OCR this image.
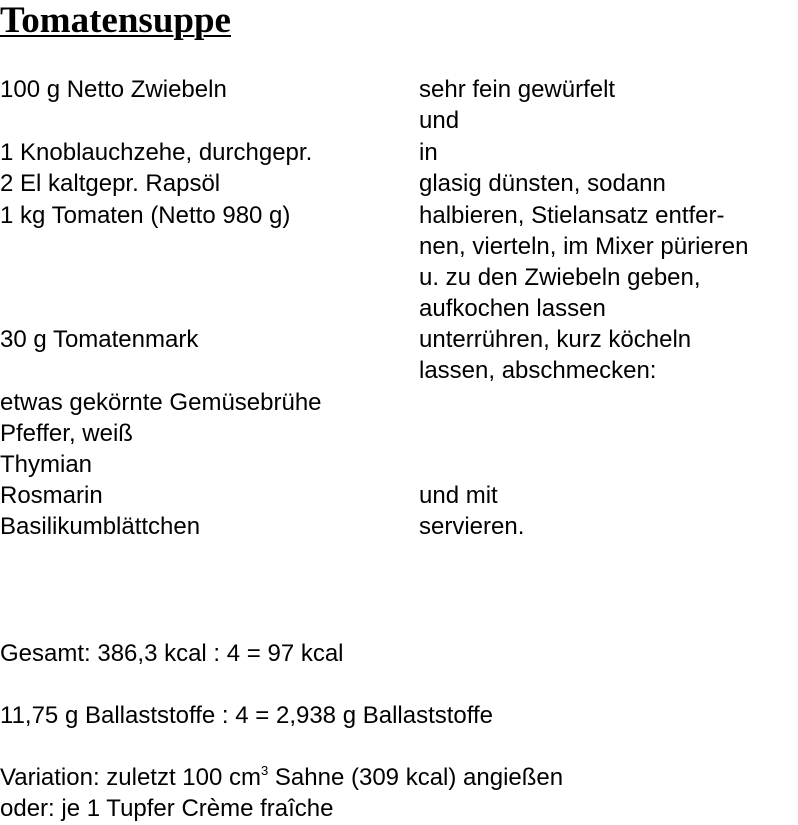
Tomatensuppe
100 g Netto Zwiebeln
1 Knoblauchzehe, durchgepr.
2 El kaltgepr. Rapsöl
1 kg Tomaten (Netto 980 g)
30 g Tomatenmark
etwas gekörnte Gemüsebrühe
Pfeffer, weiß
Thymian
Rosmarin
Basilikumblättchen
sehr fein gewürfelt
und
in
glasig dünsten, sodann
halbieren, Stielansatz entfer-
nen, vierteln, im Mixer pürieren
u. zu den Zwiebeln geben,
aufkochen lassen
unterrühren, kurz köcheln
lassen, abschmecken:
und mit
servieren.
Gesamt: 386,3 kcal : 4 = 97 kcal
11,75 g Ballaststoffe : 4 = 2,938 g Ballaststoffe
Variation: zuletzt 100 $cm^3$ Sahne (309 kcal) angießen
oder: je 1 Tupfer Crème fraîche
